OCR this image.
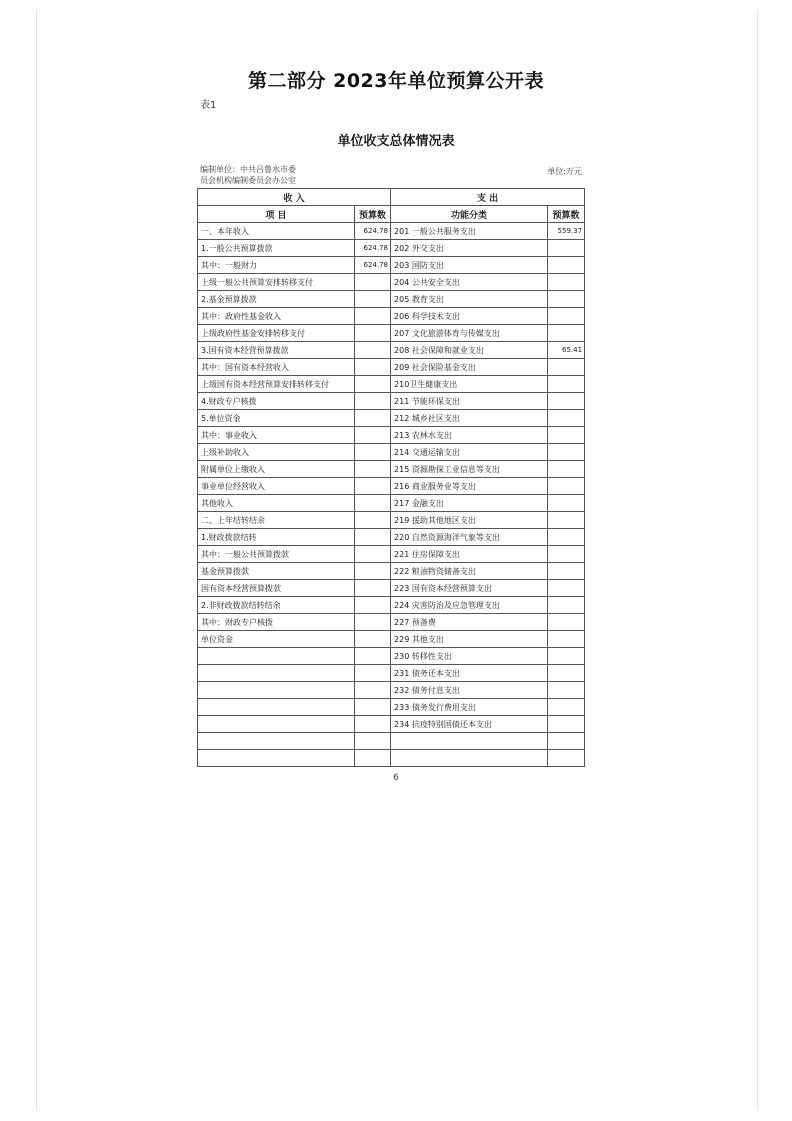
第二部分 2023年单位预算公开表
表1
单位收支总体情况表
编制单位：中共吕鲁水市委员会机构编制委员会办公室
单位:万元
收 入		支 出	
项 目	预算数	功能分类	预算数
一、本年收入	624.78	201 一般公共服务支出	559.37
1.一般公共预算拨款	624.78	202 外交支出	
其中：一般财力	624.78	203 国防支出	
上级一般公共预算安排转移支付		204 公共安全支出	
2.基金预算拨款		205 教育支出	
其中：政府性基金收入		206 科学技术支出	
上级政府性基金安排转移支付		207 文化旅游体育与传媒支出	
3.国有资本经营预算拨款		208 社会保障和就业支出	65.41
其中：国有资本经营收入		209 社会保险基金支出	
上级国有资本经营预算安排转移支付		210卫生健康支出	
4.财政专户核拨		211 节能环保支出	
5.单位资金		212 城乡社区支出	
其中：事业收入		213 农林水支出	
上级补助收入		214 交通运输支出	
附属单位上缴收入		215 资源勘探工业信息等支出	
事业单位经营收入		216 商业服务业等支出	
其他收入		217 金融支出	
二、上年结转结余		219 援助其他地区支出	
1.财政拨款结转		220 自然资源海洋气象等支出	
其中：一般公共预算拨款		221 住房保障支出	
基金预算拨款		222 粮油物资储备支出	
国有资本经营预算拨款		223 国有资本经营预算支出	
2.非财政拨款结转结余		224 灾害防治及应急管理支出	
其中：财政专户核拨		227 预备费	
单位资金		229 其他支出	
		230 转移性支出	
		231 债务还本支出	
		232 债务付息支出	
		233 债务发行费用支出	
		234 抗疫特别国债还本支出	

6
